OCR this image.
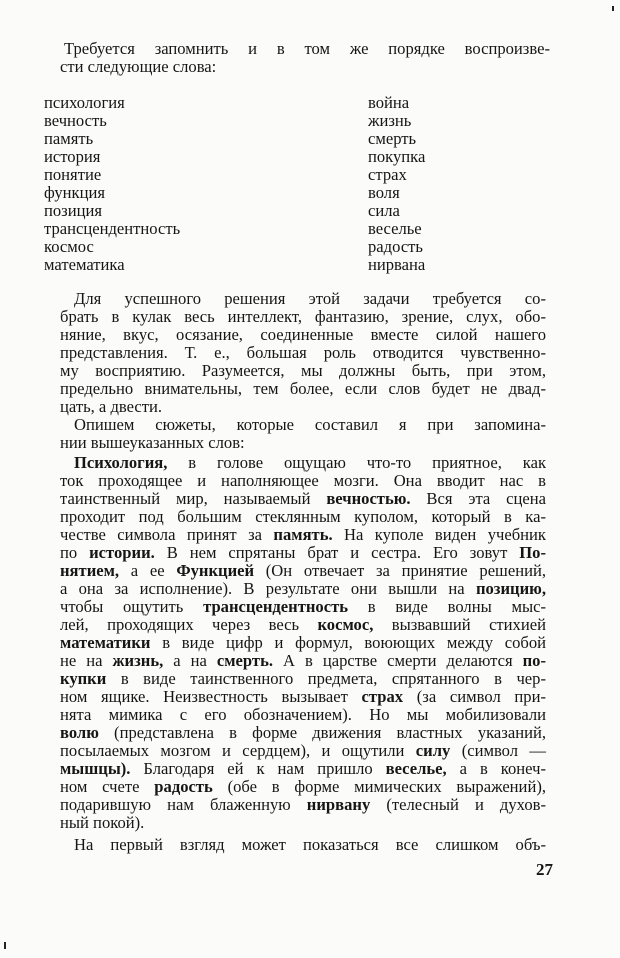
Требуется запомнить и в том же порядке воспроизве-
сти следующие слова:
психология
вечность
память
история
понятие
функция
позиция
трансцендентность
космос
математика
война
жизнь
смерть
покупка
страх
воля
сила
веселье
радость
нирвана
Для успешного решения этой задачи требуется со-
брать в кулак весь интеллект, фантазию, зрение, слух, обо-
няние, вкус, осязание, соединенные вместе силой нашего
представления. Т. е., большая роль отводится чувственно-
му восприятию. Разумеется, мы должны быть, при этом,
предельно внимательны, тем более, если слов будет не двад-
цать, а двести.
Опишем сюжеты, которые составил я при запомина-
нии вышеуказанных слов:
Психология, в голове ощущаю что-то приятное, как
ток проходящее и наполняющее мозги. Она вводит нас в
таинственный мир, называемый вечностью. Вся эта сцена
проходит под большим стеклянным куполом, который в ка-
честве символа принят за память. На куполе виден учебник
по истории. В нем спрятаны брат и сестра. Его зовут По-
нятием, а ее Функцией (Он отвечает за принятие решений,
а она за исполнение). В результате они вышли на позицию,
чтобы ощутить трансцендентность в виде волны мыс-
лей, проходящих через весь космос, вызвавший стихией
математики в виде цифр и формул, воюющих между собой
не на жизнь, а на смерть. А в царстве смерти делаются по-
купки в виде таинственного предмета, спрятанного в чер-
ном ящике. Неизвестность вызывает страх (за символ при-
нята мимика с его обозначением). Но мы мобилизовали
волю (представлена в форме движения властных указаний,
посылаемых мозгом и сердцем), и ощутили силу (символ —
мышцы). Благодаря ей к нам пришло веселье, а в конеч-
ном счете радость (обе в форме мимических выражений),
подарившую нам блаженную нирвану (телесный и духов-
ный покой).
На первый взгляд может показаться все слишком объ-
27
